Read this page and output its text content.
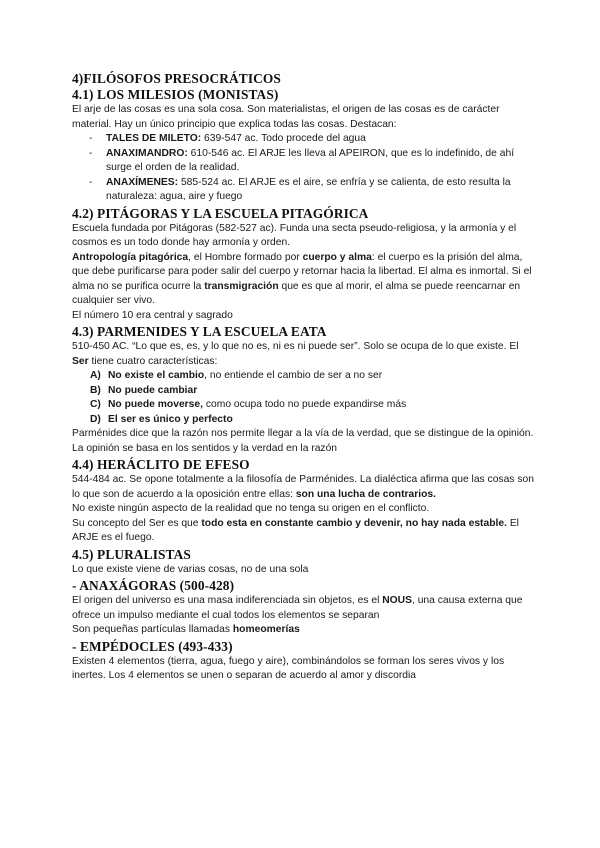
4)FILÓSOFOS PRESOCRÁTICOS
4.1) LOS MILESIOS (MONISTAS)

El arje de las cosas es una sola cosa. Son materialistas, el origen de las cosas es de carácter material. Hay un único principio que explica todas las cosas. Destacan:

- TALES DE MILETO: 639-547 ac. Todo procede del agua
- ANAXIMANDRO: 610-546 ac. El ARJE les lleva al APEIRON, que es lo indefinido, de ahí surge el orden de la realidad.
- ANAXÍMENES: 585-524 ac. El ARJE es el aire, se enfría y se calienta, de esto resulta la naturaleza: agua, aire y fuego
4.2) PITÁGORAS Y LA ESCUELA PITAGÓRICA

Escuela fundada por Pitágoras (582-527 ac). Funda una secta pseudo-religiosa, y la armonía y el cosmos es un todo donde hay armonía y orden.

Antropología pitagórica, el Hombre formado por cuerpo y alma: el cuerpo es la prisión del alma, que debe purificarse para poder salir del cuerpo y retornar hacia la libertad. El alma es inmortal. Si el alma no se purifica ocurre la transmigración que es que al morir, el alma se puede reencarnar en cualquier ser vivo.

El número 10 era central y sagrado

4.3) PARMENIDES Y LA ESCUELA EATA

510-450 AC. “Lo que es, es, y lo que no es, ni es ni puede ser”. Solo se ocupa de lo que existe. El Ser tiene cuatro características:

A) No existe el cambio, no entiende el cambio de ser a no ser
B) No puede cambiar
C) No puede moverse, como ocupa todo no puede expandirse más
D) El ser es único y perfecto

Parménides dice que la razón nos permite llegar a la vía de la verdad, que se distingue de la opinión. La opinión se basa en los sentidos y la verdad en la razón

4.4) HERÁCLITO DE EFESO

544-484 ac. Se opone totalmente a la filosofía de Parménides. La dialéctica afirma que las cosas son lo que son de acuerdo a la oposición entre ellas: son una lucha de contrarios.

No existe ningún aspecto de la realidad que no tenga su origen en el conflicto.

Su concepto del Ser es que todo esta en constante cambio y devenir, no hay nada estable. El ARJE es el fuego.

4.5) PLURALISTAS

Lo que existe viene de varias cosas, no de una sola

- ANAXÁGORAS (500-428)

El origen del universo es una masa indiferenciada sin objetos, es el NOUS, una causa externa que ofrece un impulso mediante el cual todos los elementos se separan

Son pequeñas partículas llamadas homeomerías

- EMPÉDOCLES (493-433)

Existen 4 elementos (tierra, agua, fuego y aire), combinándolos se forman los seres vivos y los inertes. Los 4 elementos se unen o separan de acuerdo al amor y discordia
